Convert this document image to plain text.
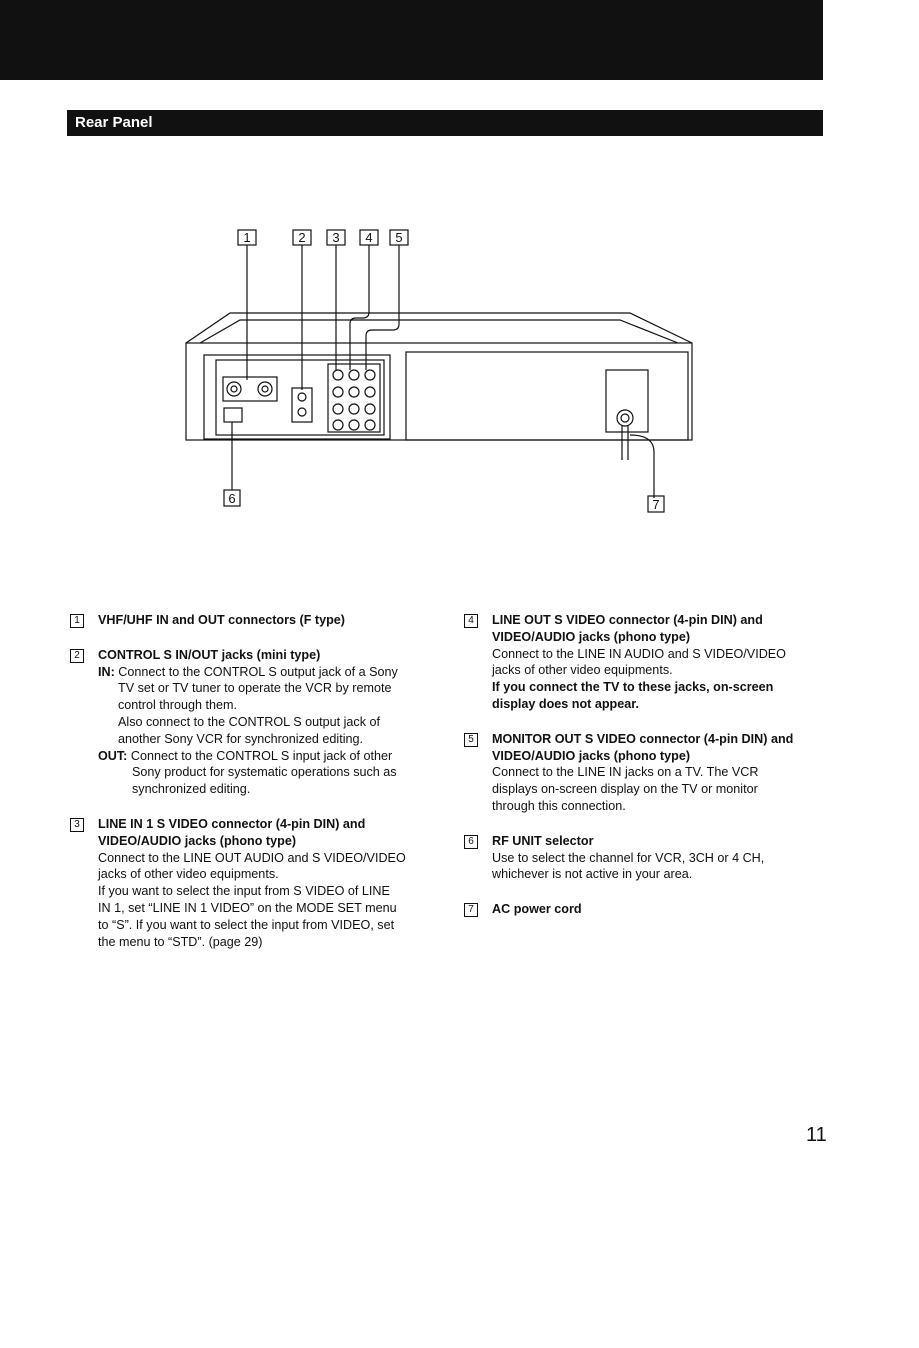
Rear Panel
1	2 3 4 5
6	7
1	VHF/UHF IN and OUT connectors (F type)
2	CONTROL S IN/OUT jacks (mini type)
IN: Connect to the CONTROL S output jack of a Sony
TV set or TV tuner to operate the VCR by remote
control through them.
Also connect to the CONTROL S output jack of
another Sony VCR for synchronized editing.
OUT: Connect to the CONTROL S input jack of other
Sony product for systematic operations such as
synchronized editing.
3	LINE IN 1 S VIDEO connector (4-pin DIN) and
VIDEO/AUDIO jacks (phono type)
Connect to the LINE OUT AUDIO and S VIDEO/VIDEO
jacks of other video equipments.
If you want to select the input from S VIDEO of LINE
IN 1, set “LINE IN 1 VIDEO” on the MODE SET menu
to “S”. If you want to select the input from VIDEO, set
the menu to “STD”. (page 29)
4	LINE OUT S VIDEO connector (4-pin DIN) and
VIDEO/AUDIO jacks (phono type)
Connect to the LINE IN AUDIO and S VIDEO/VIDEO
jacks of other video equipments.
If you connect the TV to these jacks, on-screen
display does not appear.
5	MONITOR OUT S VIDEO connector (4-pin DIN) and
VIDEO/AUDIO jacks (phono type)
Connect to the LINE IN jacks on a TV. The VCR
displays on-screen display on the TV or monitor
through this connection.
6	RF UNIT selector
Use to select the channel for VCR, 3CH or 4 CH,
whichever is not active in your area.
7	AC power cord
11
